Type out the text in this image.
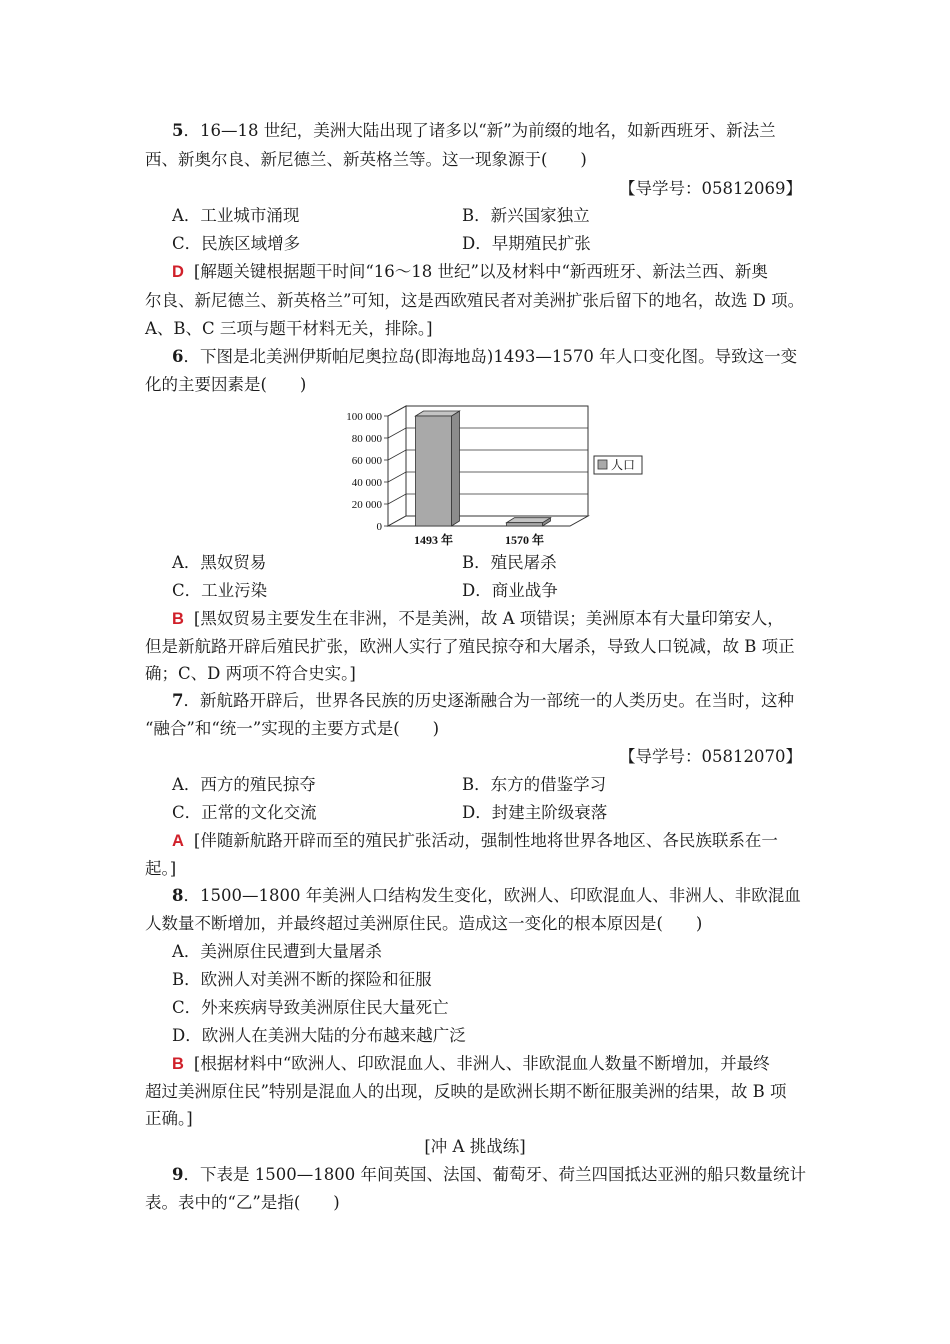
5．16—18 世纪，美洲大陆出现了诸多以“新”为前缀的地名，如新西班牙、新法兰
西、新奥尔良、新尼德兰、新英格兰等。这一现象源于(　　)
【导学号：05812069】
A．工业城市涌现	B．新兴国家独立
C．民族区域增多	D．早期殖民扩张
D [解题关键根据题干时间“16～18 世纪”以及材料中“新西班牙、新法兰西、新奥
尔良、新尼德兰、新英格兰”可知，这是西欧殖民者对美洲扩张后留下的地名，故选 D 项。
A、B、C 三项与题干材料无关，排除。]
6．下图是北美洲伊斯帕尼奥拉岛(即海地岛)1493—1570 年人口变化图。导致这一变
化的主要因素是(　　)
0
20 000
40 000
60 000
80 000
100 000
1493 年	1570 年
人口
A．黑奴贸易	B．殖民屠杀
C．工业污染	D．商业战争
B [黑奴贸易主要发生在非洲，不是美洲，故 A 项错误；美洲原本有大量印第安人，
但是新航路开辟后殖民扩张，欧洲人实行了殖民掠夺和大屠杀，导致人口锐减，故 B 项正
确；C、D 两项不符合史实。]
7．新航路开辟后，世界各民族的历史逐渐融合为一部统一的人类历史。在当时，这种
“融合”和“统一”实现的主要方式是(　　)
【导学号：05812070】
A．西方的殖民掠夺	B．东方的借鉴学习
C．正常的文化交流	D．封建主阶级衰落
A [伴随新航路开辟而至的殖民扩张活动，强制性地将世界各地区、各民族联系在一
起。]
8．1500—1800 年美洲人口结构发生变化，欧洲人、印欧混血人、非洲人、非欧混血
人数量不断增加，并最终超过美洲原住民。造成这一变化的根本原因是(　　)
A．美洲原住民遭到大量屠杀
B．欧洲人对美洲不断的探险和征服
C．外来疾病导致美洲原住民大量死亡
D．欧洲人在美洲大陆的分布越来越广泛
B [根据材料中“欧洲人、印欧混血人、非洲人、非欧混血人数量不断增加，并最终
超过美洲原住民”特别是混血人的出现，反映的是欧洲长期不断征服美洲的结果，故 B 项
正确。]
[冲 A 挑战练]
9．下表是 1500—1800 年间英国、法国、葡萄牙、荷兰四国抵达亚洲的船只数量统计
表。表中的“乙”是指(　　)
